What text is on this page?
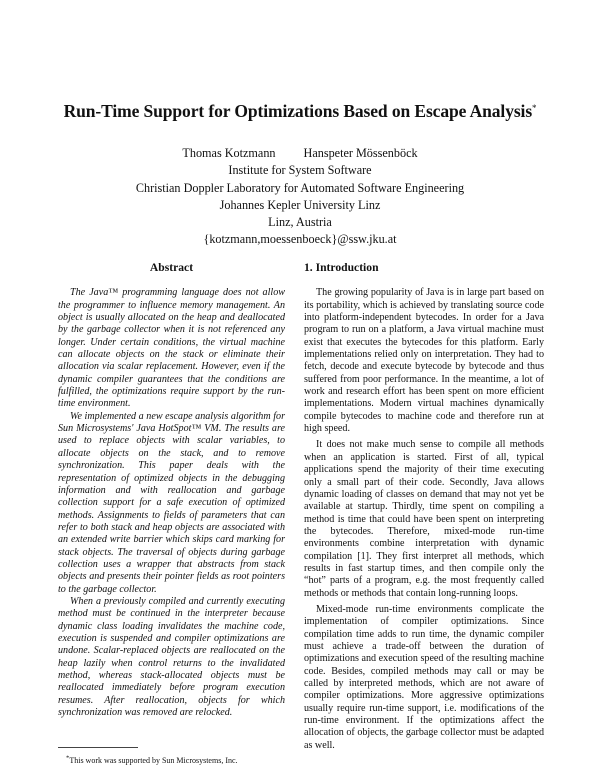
Run-Time Support for Optimizations Based on Escape Analysis*
Thomas Kotzmann Hanspeter Mössenböck
Institute for System Software
Christian Doppler Laboratory for Automated Software Engineering
Johannes Kepler University Linz
Linz, Austria
{kotzmann,moessenboeck}@ssw.jku.at
Abstract

The Java™ programming language does not allow the programmer to influence memory management. An object is usually allocated on the heap and deallocated by the garbage collector when it is not referenced any longer. Under certain conditions, the virtual machine can allocate objects on the stack or eliminate their allocation via scalar replacement. However, even if the dynamic compiler guarantees that the conditions are fulfilled, the optimizations require support by the run-time environment.

We implemented a new escape analysis algorithm for Sun Microsystems' Java HotSpot™ VM. The results are used to replace objects with scalar variables, to allocate objects on the stack, and to remove synchronization. This paper deals with the representation of optimized objects in the debugging information and with reallocation and garbage collection support for a safe execution of optimized methods. Assignments to fields of parameters that can refer to both stack and heap objects are associated with an extended write barrier which skips card marking for stack objects. The traversal of objects during garbage collection uses a wrapper that abstracts from stack objects and presents their pointer fields as root pointers to the garbage collector.

When a previously compiled and currently executing method must be continued in the interpreter because dynamic class loading invalidates the machine code, execution is suspended and compiler optimizations are undone. Scalar-replaced objects are reallocated on the heap lazily when control returns to the invalidated method, whereas stack-allocated objects must be reallocated immediately before program execution resumes. After reallocation, objects for which synchronization was removed are relocked.

1. Introduction

The growing popularity of Java is in large part based on its portability, which is achieved by translating source code into platform-independent bytecodes. In order for a Java program to run on a platform, a Java virtual machine must exist that executes the bytecodes for this platform. Early implementations relied only on interpretation. They had to fetch, decode and execute bytecode by bytecode and thus suffered from poor performance. In the meantime, a lot of work and research effort has been spent on more efficient implementations. Modern virtual machines dynamically compile bytecodes to machine code and therefore run at high speed.

It does not make much sense to compile all methods when an application is started. First of all, typical applications spend the majority of their time executing only a small part of their code. Secondly, Java allows dynamic loading of classes on demand that may not yet be available at startup. Thirdly, time spent on compiling a method is time that could have been spent on interpreting the bytecodes. Therefore, mixed-mode run-time environments combine interpretation with dynamic compilation [1]. They first interpret all methods, which results in fast startup times, and then compile only the “hot” parts of a program, e.g. the most frequently called methods or methods that contain long-running loops.

Mixed-mode run-time environments complicate the implementation of compiler optimizations. Since compilation time adds to run time, the dynamic compiler must achieve a trade-off between the duration of optimizations and execution speed of the resulting machine code. Besides, compiled methods may call or may be called by interpreted methods, which are not aware of compiler optimizations. More aggressive optimizations usually require run-time support, i.e. modifications of the run-time environment. If the optimizations affect the allocation of objects, the garbage collector must be adapted as well.

*This work was supported by Sun Microsystems, Inc.
